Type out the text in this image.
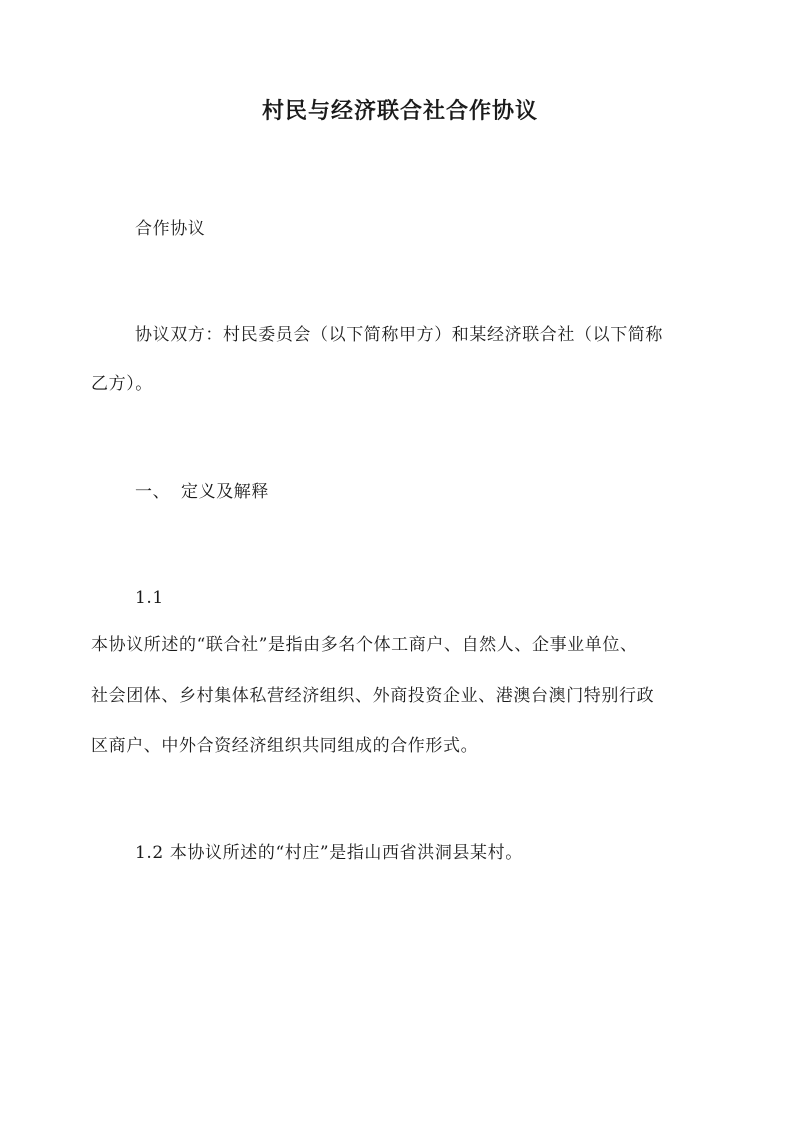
村民与经济联合社合作协议

合作协议

协议双方：村民委员会（以下简称甲方）和某经济联合社（以下简称

乙方）。

一、 定义及解释

1.1

本协议所述的“联合社”是指由多名个体工商户、自然人、企事业单位、

社会团体、乡村集体私营经济组织、外商投资企业、港澳台澳门特别行政

区商户、中外合资经济组织共同组成的合作形式。

1.2 本协议所述的“村庄”是指山西省洪洞县某村。
